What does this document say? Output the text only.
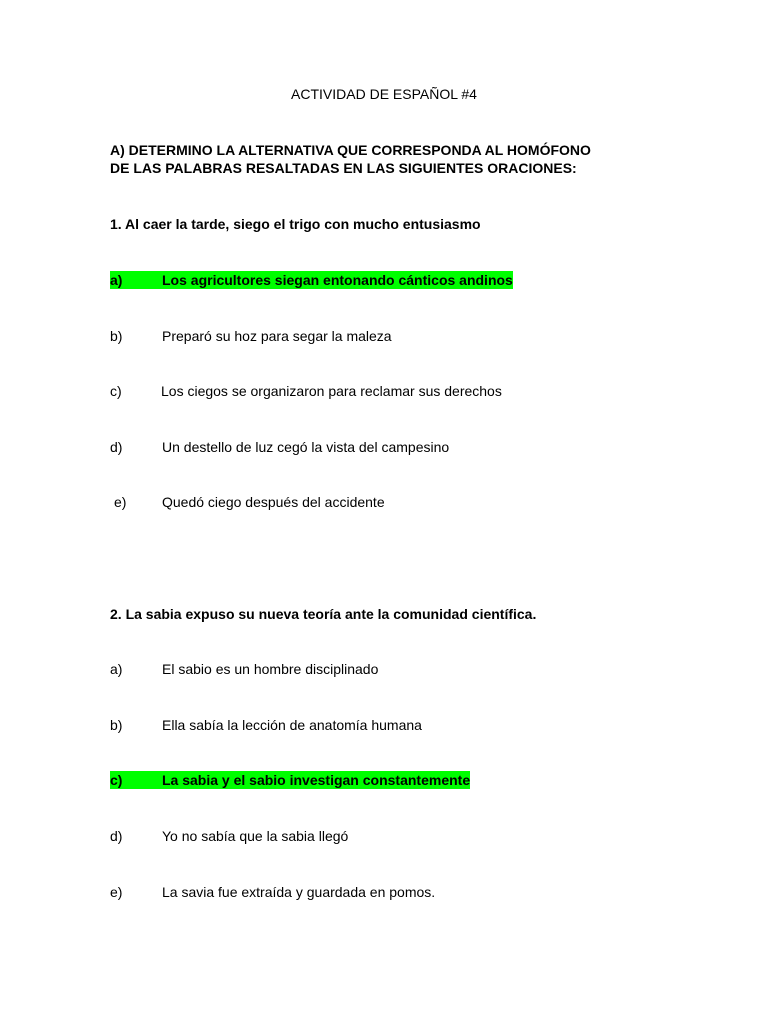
ACTIVIDAD DE ESPAÑOL #4
A) DETERMINO LA ALTERNATIVA QUE CORRESPONDA AL HOMÓFONO
DE LAS PALABRAS RESALTADAS EN LAS SIGUIENTES ORACIONES:
1. Al caer la tarde, siego el trigo con mucho entusiasmo
a)	Los agricultores siegan entonando cánticos andinos
b)	Preparó su hoz para segar la maleza
c)	Los ciegos se organizaron para reclamar sus derechos
d)	Un destello de luz cegó la vista del campesino
e)	Quedó ciego después del accidente
2. La sabia expuso su nueva teoría ante la comunidad científica.
a)	El sabio es un hombre disciplinado
b)	Ella sabía la lección de anatomía humana
c)	La sabia y el sabio investigan constantemente
d)	Yo no sabía que la sabia llegó
e)	La savia fue extraída y guardada en pomos.
